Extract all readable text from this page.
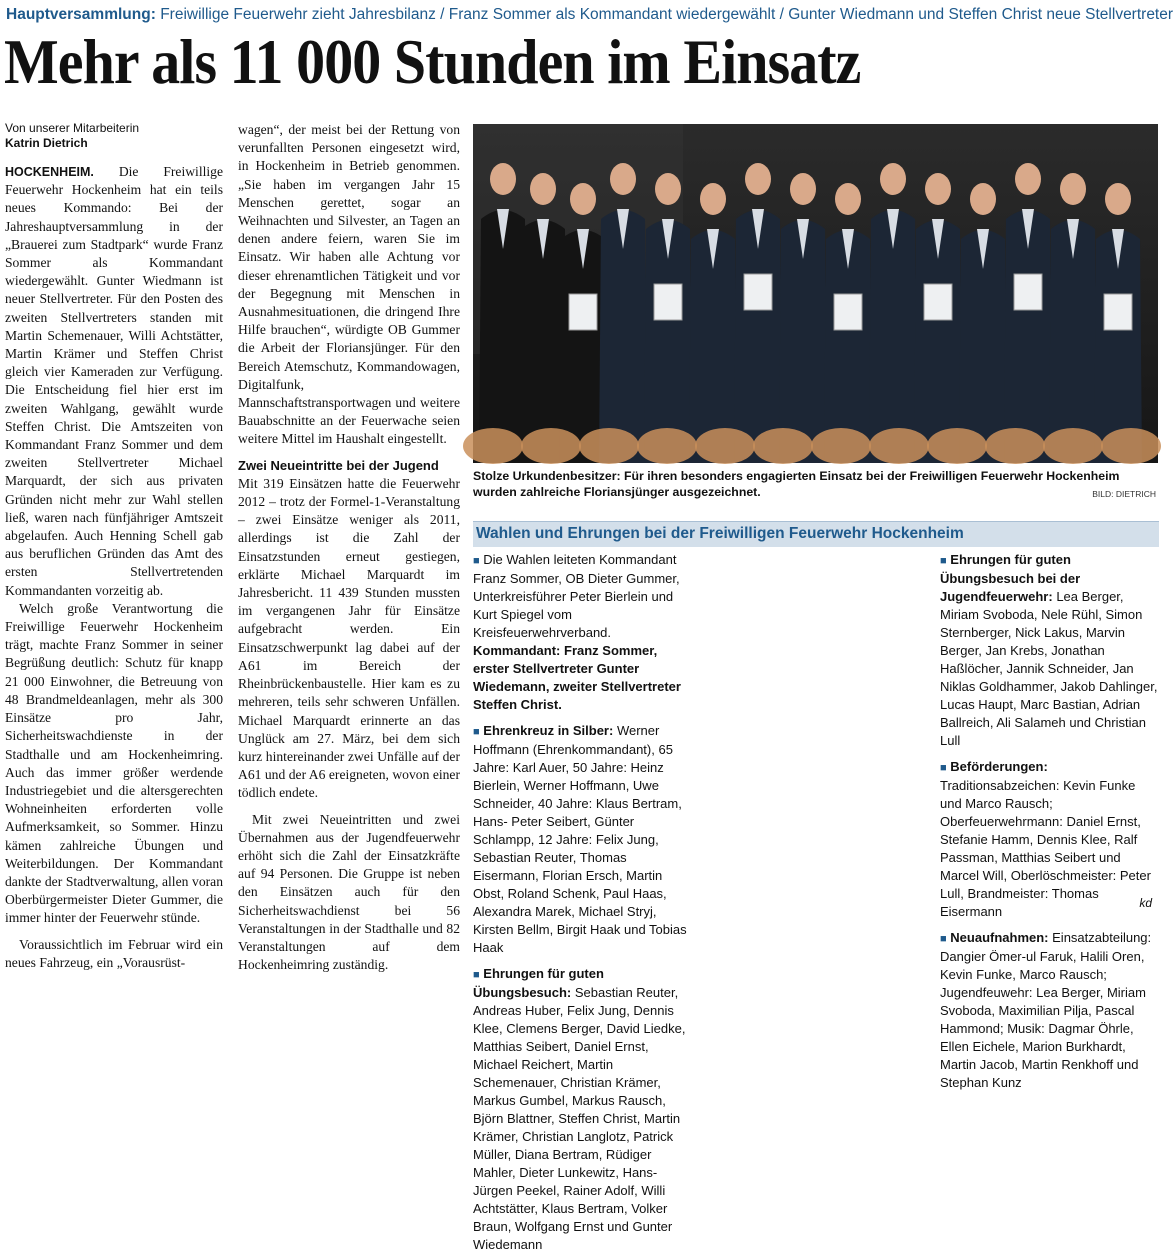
Hauptversammlung: Freiwillige Feuerwehr zieht Jahresbilanz / Franz Sommer als Kommandant wiedergewählt / Gunter Wiedmann und Steffen Christ neue Stellvertreter
Mehr als 11 000 Stunden im Einsatz
Von unserer Mitarbeiterin
Katrin Dietrich

HOCKENHEIM. Die Freiwillige Feuerwehr Hockenheim hat ein teils neues Kommando: Bei der Jahreshauptversammlung in der „Brauerei zum Stadtpark“ wurde Franz Sommer als Kommandant wiedergewählt. Gunter Wiedmann ist neuer Stellvertreter. Für den Posten des zweiten Stellvertreters standen mit Martin Schemenauer, Willi Achtstätter, Martin Krämer und Steffen Christ gleich vier Kameraden zur Verfügung. Die Entscheidung fiel hier erst im zweiten Wahlgang, gewählt wurde Steffen Christ. Die Amtszeiten von Kommandant Franz Sommer und dem zweiten Stellvertreter Michael Marquardt, der sich aus privaten Gründen nicht mehr zur Wahl stellen ließ, waren nach fünfjähriger Amtszeit abgelaufen. Auch Henning Schell gab aus beruflichen Gründen das Amt des ersten Stellvertretenden Kommandanten vorzeitig ab.

Welch große Verantwortung die Freiwillige Feuerwehr Hockenheim trägt, machte Franz Sommer in seiner Begrüßung deutlich: Schutz für knapp 21 000 Einwohner, die Betreuung von 48 Brandmeldeanlagen, mehr als 300 Einsätze pro Jahr, Sicherheitswachdienste in der Stadthalle und am Hockenheimring. Auch das immer größer werdende Industriegebiet und die altersgerechten Wohneinheiten erforderten volle Aufmerksamkeit, so Sommer. Hinzu kämen zahlreiche Übungen und Weiterbildungen. Der Kommandant dankte der Stadtverwaltung, allen voran Oberbürgermeister Dieter Gummer, die immer hinter der Feuerwehr stünde.

Voraussichtlich im Februar wird ein neues Fahrzeug, ein „Vorausrüst-

wagen“, der meist bei der Rettung von verunfallten Personen eingesetzt wird, in Hockenheim in Betrieb genommen. „Sie haben im vergangen Jahr 15 Menschen gerettet, sogar an Weihnachten und Silvester, an Tagen an denen andere feiern, waren Sie im Einsatz. Wir haben alle Achtung vor dieser ehrenamtlichen Tätigkeit und vor der Begegnung mit Menschen in Ausnahmesituationen, die dringend Ihre Hilfe brauchen“, würdigte OB Gummer die Arbeit der Floriansjünger. Für den Bereich Atemschutz, Kommandowagen, Digitalfunk, Mannschaftstransportwagen und weitere Bauabschnitte an der Feuerwache seien weitere Mittel im Haushalt eingestellt.

Zwei Neueintritte bei der Jugend

Mit 319 Einsätzen hatte die Feuerwehr 2012 – trotz der Formel-1-Veranstaltung – zwei Einsätze weniger als 2011, allerdings ist die Zahl der Einsatzstunden erneut gestiegen, erklärte Michael Marquardt im Jahresbericht. 11 439 Stunden mussten im vergangenen Jahr für Einsätze aufgebracht werden. Ein Einsatzschwerpunkt lag dabei auf der A61 im Bereich der Rheinbrückenbaustelle. Hier kam es zu mehreren, teils sehr schweren Unfällen. Michael Marquardt erinnerte an das Unglück am 27. März, bei dem sich kurz hintereinander zwei Unfälle auf der A61 und der A6 ereigneten, wovon einer tödlich endete.

Mit zwei Neueintritten und zwei Übernahmen aus der Jugendfeuerwehr erhöht sich die Zahl der Einsatzkräfte auf 94 Personen. Die Gruppe ist neben den Einsätzen auch für den Sicherheitswachdienst bei 56 Veranstaltungen in der Stadthalle und 82 Veranstaltungen auf dem Hockenheimring zuständig.

Stolze Urkundenbesitzer: Für ihren besonders engagierten Einsatz bei der Freiwilligen Feuerwehr Hockenheim wurden zahlreiche Floriansjünger ausgezeichnet.	BILD: DIETRICH
Wahlen und Ehrungen bei der Freiwilligen Feuerwehr Hockenheim
■ Die Wahlen leiteten Kommandant Franz Sommer, OB Dieter Gummer, Unterkreisführer Peter Bierlein und Kurt Spiegel vom Kreisfeuerwehrverband. Kommandant: Franz Sommer, erster Stellvertreter Gunter Wiedemann, zweiter Stellvertreter Steffen Christ.
■ Ehrenkreuz in Silber: Werner Hoffmann (Ehrenkommandant), 65 Jahre: Karl Auer, 50 Jahre: Heinz Bierlein, Werner Hoffmann, Uwe Schneider, 40 Jahre: Klaus Bertram, Hans- Peter Seibert, Günter Schlampp, 12 Jahre: Felix Jung, Sebastian Reuter, Thomas Eisermann, Florian Ersch, Martin Obst, Roland Schenk, Paul Haas, Alexandra Marek, Michael Stryj, Kirsten Bellm, Birgit Haak und Tobias Haak
■ Ehrungen für guten Übungsbesuch: Sebastian Reuter, Andreas Huber, Felix Jung, Dennis Klee, Clemens Berger, David Liedke, Matthias Seibert, Daniel Ernst, Michael Reichert, Martin Schemenauer, Christian Krämer, Markus Gumbel, Markus Rausch, Björn Blattner, Steffen Christ, Martin Krämer, Christian Langlotz, Patrick Müller, Diana Bertram, Rüdiger Mahler, Dieter Lunkewitz, Hans-Jürgen Peekel, Rainer Adolf, Willi Achtstätter, Klaus Bertram, Volker Braun, Wolfgang Ernst und Gunter Wiedemann
■ Ehrungen für guten Übungsbesuch bei der Jugendfeuerwehr: Lea Berger, Miriam Svoboda, Nele Rühl, Simon Sternberger, Nick Lakus, Marvin Berger, Jan Krebs, Jonathan Haßlöcher, Jannik Schneider, Jan Niklas Goldhammer, Jakob Dahlinger, Lucas Haupt, Marc Bastian, Adrian Ballreich, Ali Salameh und Christian Lull
■ Beförderungen: Traditionsabzeichen: Kevin Funke und Marco Rausch; Oberfeuerwehrmann: Daniel Ernst, Stefanie Hamm, Dennis Klee, Ralf Passman, Matthias Seibert und Marcel Will, Oberlöschmeister: Peter Lull, Brandmeister: Thomas Eisermann
■ Neuaufnahmen: Einsatzabteilung: Dangier Ömer-ul Faruk, Halili Oren, Kevin Funke, Marco Rausch; Jugendfeuwehr: Lea Berger, Miriam Svoboda, Maximilian Pilja, Pascal Hammond; Musik: Dagmar Öhrle, Ellen Eichele, Marion Burkhardt, Martin Jacob, Martin Renkhoff und Stephan Kunz
kd
